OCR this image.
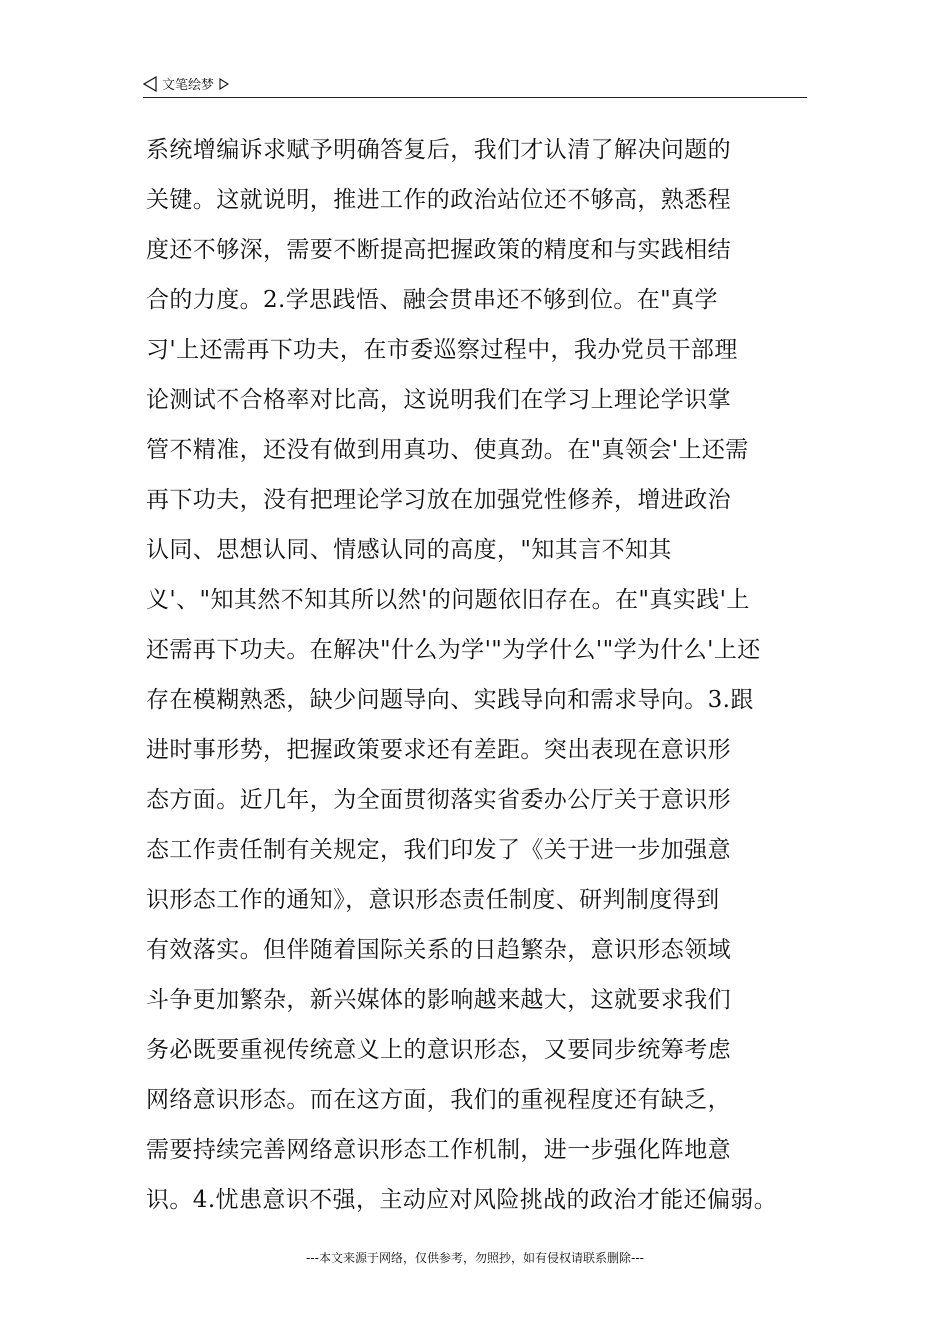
文笔绘梦
系统增编诉求赋予明确答复后，我们才认清了解决问题的
关键。这就说明，推进工作的政治站位还不够高，熟悉程
度还不够深，需要不断提高把握政策的精度和与实践相结
合的力度。2.学思践悟、融会贯串还不够到位。在"真学
习'上还需再下功夫，在市委巡察过程中，我办党员干部理
论测试不合格率对比高，这说明我们在学习上理论学识掌
管不精准，还没有做到用真功、使真劲。在"真领会'上还需
再下功夫，没有把理论学习放在加强党性修养，增进政治
认同、思想认同、情感认同的高度，"知其言不知其
义'、"知其然不知其所以然'的问题依旧存在。在"真实践'上
还需再下功夫。在解决"什么为学'"为学什么'"学为什么'上还
存在模糊熟悉，缺少问题导向、实践导向和需求导向。3.跟
进时事形势，把握政策要求还有差距。突出表现在意识形
态方面。近几年，为全面贯彻落实省委办公厅关于意识形
态工作责任制有关规定，我们印发了《关于进一步加强意
识形态工作的通知》，意识形态责任制度、研判制度得到
有效落实。但伴随着国际关系的日趋繁杂，意识形态领域
斗争更加繁杂，新兴媒体的影响越来越大，这就要求我们
务必既要重视传统意义上的意识形态，又要同步统筹考虑
网络意识形态。而在这方面，我们的重视程度还有缺乏，
需要持续完善网络意识形态工作机制，进一步强化阵地意
识。4.忧患意识不强，主动应对风险挑战的政治才能还偏弱。
---本文来源于网络，仅供参考，勿照抄，如有侵权请联系删除---
